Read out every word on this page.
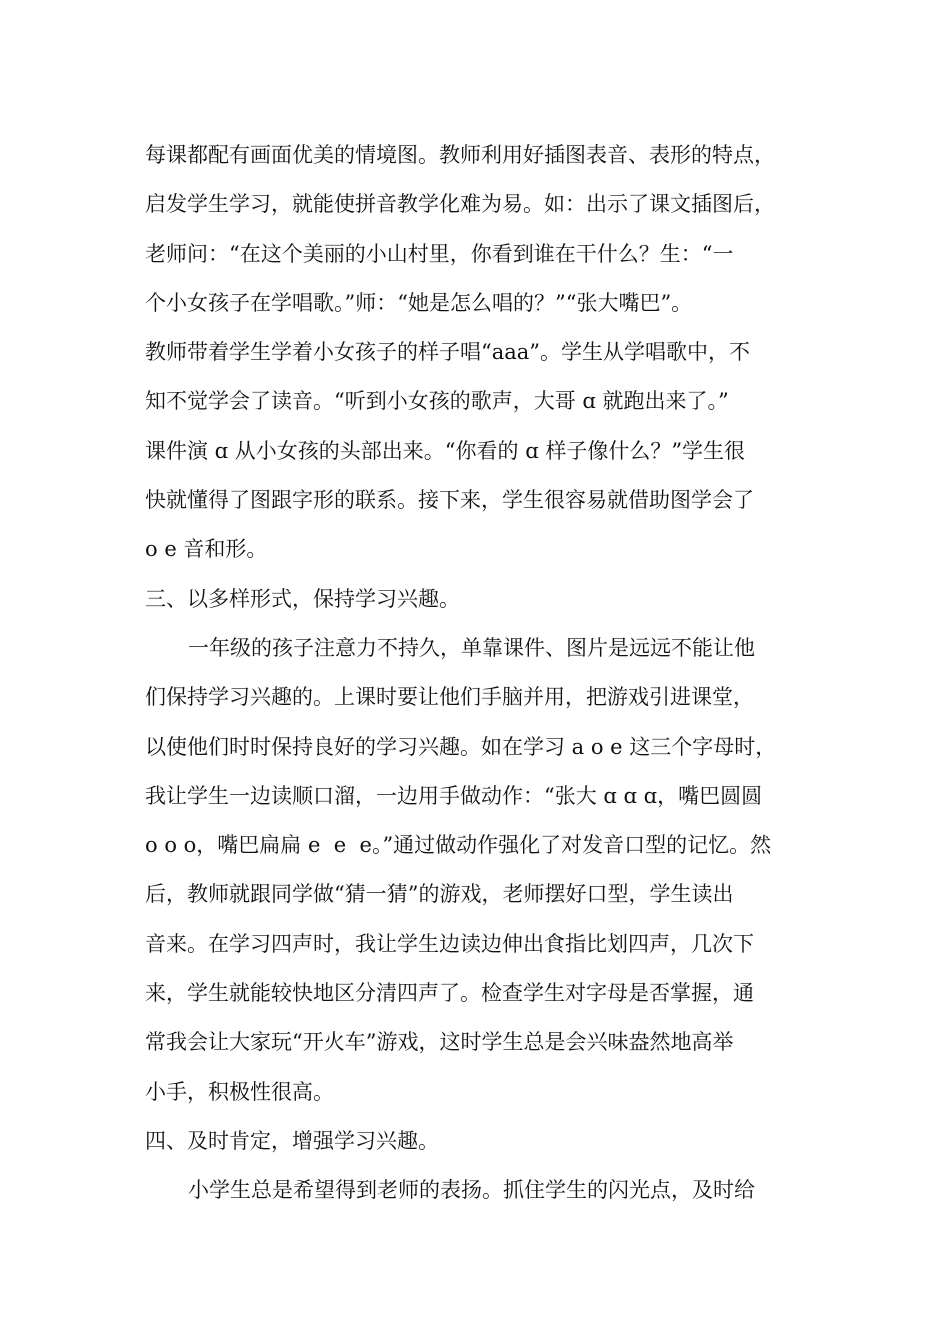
每课都配有画面优美的情境图。教师利用好插图表音、表形的特点，
启发学生学习，就能使拼音教学化难为易。如：出示了课文插图后，
老师问：“在这个美丽的小山村里，你看到谁在干什么？生：“一
个小女孩子在学唱歌。”师：“她是怎么唱的？”“张大嘴巴”。
教师带着学生学着小女孩子的样子唱“aaa”。学生从学唱歌中，不
知不觉学会了读音。“听到小女孩的歌声，大哥 ɑ 就跑出来了。”
课件演 ɑ 从小女孩的头部出来。“你看的 ɑ 样子像什么？”学生很
快就懂得了图跟字形的联系。接下来，学生很容易就借助图学会了
o e 音和形。
三、以多样形式，保持学习兴趣。
一年级的孩子注意力不持久，单靠课件、图片是远远不能让他
们保持学习兴趣的。上课时要让他们手脑并用，把游戏引进课堂，
以使他们时时保持良好的学习兴趣。如在学习 a o e 这三个字母时，
我让学生一边读顺口溜，一边用手做动作：“张大 ɑ ɑ ɑ，嘴巴圆圆
o o o，嘴巴扁扁 e  e  e。”通过做动作强化了对发音口型的记忆。然
后，教师就跟同学做“猜一猜”的游戏，老师摆好口型，学生读出
音来。在学习四声时，我让学生边读边伸出食指比划四声，几次下
来，学生就能较快地区分清四声了。检查学生对字母是否掌握，通
常我会让大家玩“开火车”游戏，这时学生总是会兴味盎然地高举
小手，积极性很高。
四、及时肯定，增强学习兴趣。
小学生总是希望得到老师的表扬。抓住学生的闪光点，及时给
